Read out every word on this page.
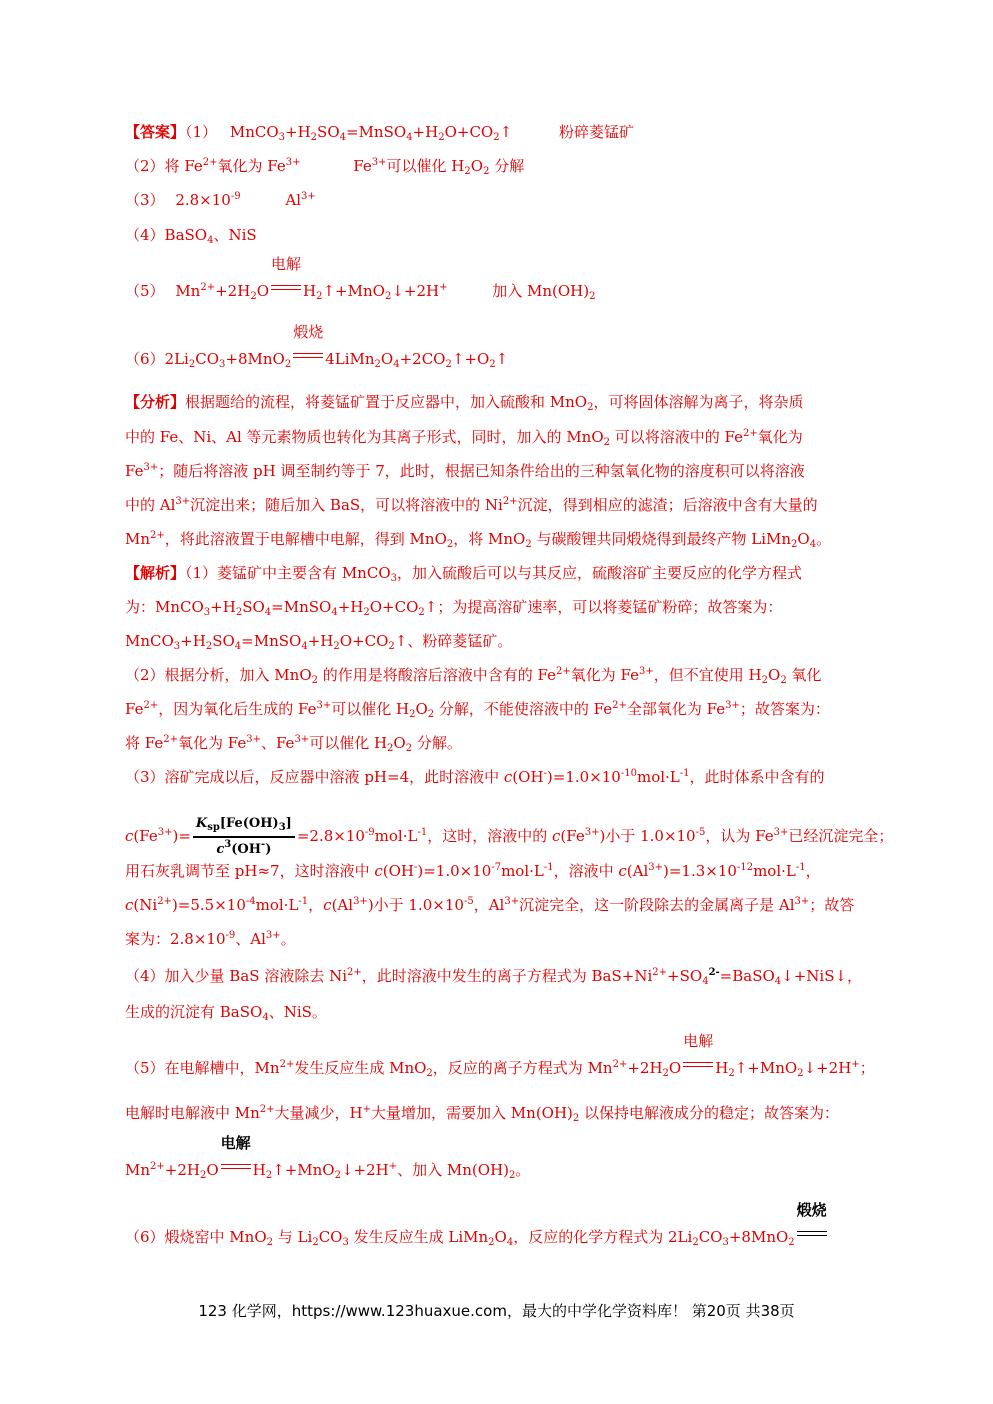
【答案】（1） $MnCO_3+H_2SO_4=MnSO_4+H_2O+CO_2↑$	粉碎菱锰矿
（2）将 $Fe^{2+}$氧化为 $Fe^{3+}$	$Fe^{3+}$可以催化 $H_2O_2$ 分解
（3） $2.8\times 10^{-9}$	$Al^{3+}$
（4）BaSO$_4$、NiS
（5） $Mn^{2+}+2H_2O$
电解
$H_2↑+MnO_2↓+2H^+$	加入 $Mn(OH)_2$
$(6)2Li_2CO_3+8MnO_2$
煅烧
$4LiMn_2O_4+2CO_2↑+O_2↑$
【分析】根据题给的流程，将菱锰矿置于反应器中，加入硫酸和 MnO$_2$，可将固体溶解为离子，将杂质
中的 Fe、Ni、Al 等元素物质也转化为其离子形式，同时，加入的 MnO$_2$ 可以将溶液中的 $Fe^{2+}$氧化为
$Fe^{3+}$；随后将溶液 pH 调至制约等于 7，此时，根据已知条件给出的三种氢氧化物的溶度积可以将溶液
中的 $Al^{3+}$沉淀出来；随后加入 BaS，可以将溶液中的 $Ni^{2+}$沉淀，得到相应的滤渣；后溶液中含有大量的
$Mn^{2+}$，将此溶液置于电解槽中电解，得到 MnO$_2$，将 MnO$_2$ 与碳酸锂共同煅烧得到最终产物 $LiMn_2O_4$。
【解析】（1）菱锰矿中主要含有 MnCO$_3$，加入硫酸后可以与其反应，硫酸溶矿主要反应的化学方程式
为：$MnCO_3+H_2SO_4=MnSO_4+H_2O+CO_2↑$；为提高溶矿速率，可以将菱锰矿粉碎；故答案为：
$MnCO_3+H_2SO_4=MnSO_4+H_2O+CO_2↑$、粉碎菱锰矿。
（2）根据分析，加入 MnO$_2$ 的作用是将酸溶后溶液中含有的 $Fe^{2+}$氧化为 $Fe^{3+}$，但不宜使用 $H_2O_2$ 氧化
$Fe^{2+}$，因为氧化后生成的 $Fe^{3+}$可以催化 $H_2O_2$ 分解，不能使溶液中的 $Fe^{2+}$全部氧化为 $Fe^{3+}$；故答案为：
将 $Fe^{2+}$氧化为 $Fe^{3+}$、$Fe^{3+}$可以催化 $H_2O_2$ 分解。
（3）溶矿完成以后，反应器中溶液 pH=4，此时溶液中 $c(OH^-)=1.0\times 10^{-10}mol\cdot L^{-1}$，此时体系中含有的
$c(Fe^{3+})= \frac{K_{sp}[Fe(OH)_3]}{c^3(OH^-)} =2.8\times 10^{-9}mol\cdot L^{-1}$，这时，溶液中的 $c(Fe^{3+})$小于 $1.0\times 10^{-5}$，认为 $Fe^{3+}$已经沉淀完全；
用石灰乳调节至 pH≈7，这时溶液中 $c(OH^-)=1.0\times 10^{-7}mol\cdot L^{-1}$，溶液中 $c(Al^{3+})=1.3\times 10^{-12}mol\cdot L^{-1}$，
$c(Ni^{2+})=5.5\times 10^{-4}mol\cdot L^{-1}$，$c(Al^{3+})$小于 $1.0\times 10^{-5}$，$Al^{3+}$沉淀完全，这一阶段除去的金属离子是 $Al^{3+}$；故答
案为：$2.8\times 10^{-9}$、$Al^{3+}$。
（4）加入少量 BaS 溶液除去 $Ni^{2+}$，此时溶液中发生的离子方程式为 $BaS+Ni^{2+}+SO_4^{2-}=BaSO_4↓+NiS↓$，
生成的沉淀有 BaSO$_4$、NiS。
（5）在电解槽中，$Mn^{2+}$发生反应生成 MnO$_2$，反应的离子方程式为 $Mn^{2+}+2H_2O$
电解
$H_2↑+MnO_2↓+2H^+$；
电解时电解液中 $Mn^{2+}$大量减少，H+大量增加，需要加入 $Mn(OH)_2$ 以保持电解液成分的稳定；故答案为：
$Mn^{2+}+2H_2O$
电解
$H_2↑+MnO_2↓+2H^+$、加入 $Mn(OH)_2$。
（6）煅烧窑中 MnO$_2$ 与 $Li_2CO_3$ 发生反应生成 $LiMn_2O_4$，反应的化学方程式为 $2Li_2CO_3+8MnO_2$
煅烧
123 化学网，https://www.123huaxue.com，最大的中学化学资料库！ 第20页 共38页
